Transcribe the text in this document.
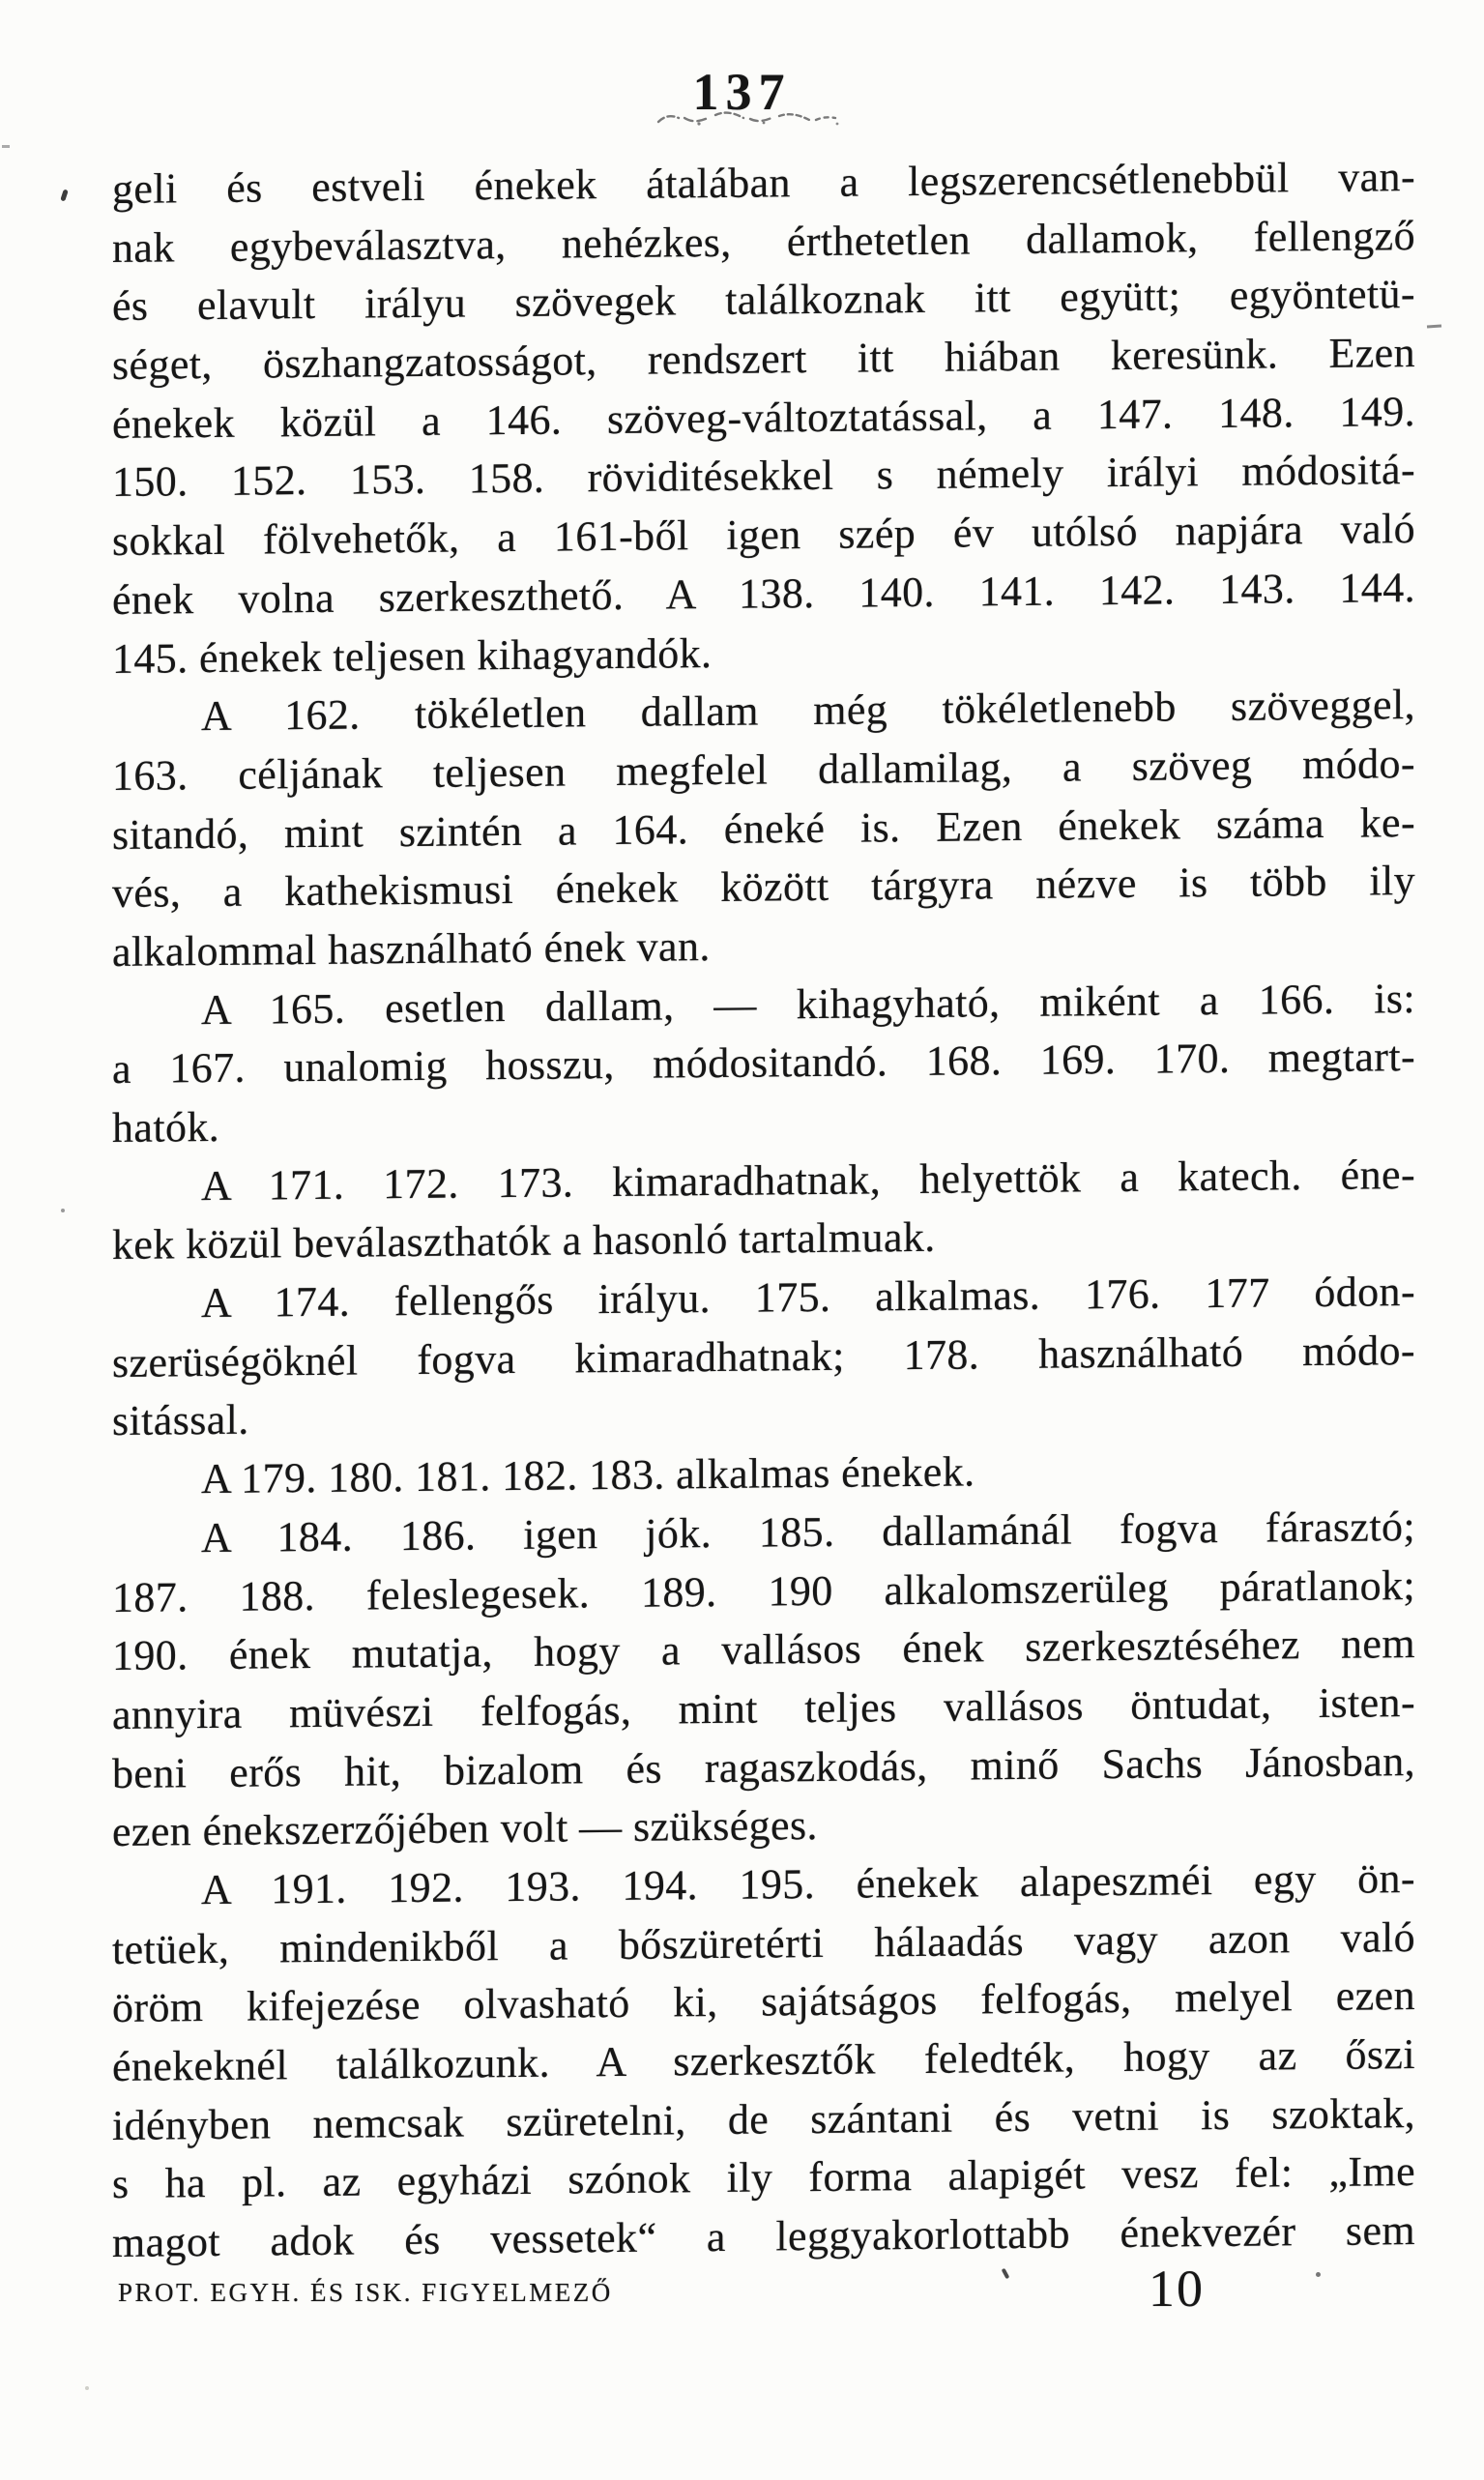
137
geli és estveli énekek átalában a legszerencsétlenebbül van-
nak egybeválasztva, nehézkes, érthetetlen dallamok, fellengző
és elavult irályu szövegek találkoznak itt együtt; egyöntetü-
séget, öszhangzatosságot, rendszert itt hiában keresünk. Ezen
énekek közül a 146. szöveg-változtatással, a 147. 148. 149.
150. 152. 153. 158. röviditésekkel s némely irályi módositá-
sokkal fölvehetők, a 161-ből igen szép év utólsó napjára való
ének volna szerkeszthető. A 138. 140. 141. 142. 143. 144.
145. énekek teljesen kihagyandók.
A 162. tökéletlen dallam még tökéletlenebb szöveggel,
163. céljának teljesen megfelel dallamilag, a szöveg módo-
sitandó, mint szintén a 164. éneké is. Ezen énekek száma ke-
vés, a kathekismusi énekek között tárgyra nézve is több ily
alkalommal használható ének van.
A 165. esetlen dallam, — kihagyható, miként a 166. is:
a 167. unalomig hosszu, módositandó. 168. 169. 170. megtart-
hatók.
A 171. 172. 173. kimaradhatnak, helyettök a katech. éne-
kek közül beválaszthatók a hasonló tartalmuak.
A 174. fellengős irályu. 175. alkalmas. 176. 177 ódon-
szerüségöknél fogva kimaradhatnak; 178. használható módo-
sitással.
A 179. 180. 181. 182. 183. alkalmas énekek.
A 184. 186. igen jók. 185. dallamánál fogva fárasztó;
187. 188. feleslegesek. 189. 190 alkalomszerüleg páratlanok;
190. ének mutatja, hogy a vallásos ének szerkesztéséhez nem
annyira müvészi felfogás, mint teljes vallásos öntudat, isten-
beni erős hit, bizalom és ragaszkodás, minő Sachs Jánosban,
ezen énekszerzőjében volt — szükséges.
A 191. 192. 193. 194. 195. énekek alapeszméi egy ön-
tetüek, mindenikből a bőszüretérti hálaadás vagy azon való
öröm kifejezése olvasható ki, sajátságos felfogás, melyel ezen
énekeknél találkozunk. A szerkesztők feledték, hogy az őszi
idényben nemcsak szüretelni, de szántani és vetni is szoktak,
s ha pl. az egyházi szónok ily forma alapigét vesz fel: „Ime
magot adok és vessetek“ a leggyakorlottabb énekvezér sem
PROT. EGYH. ÉS ISK. FIGYELMEZŐ	10
